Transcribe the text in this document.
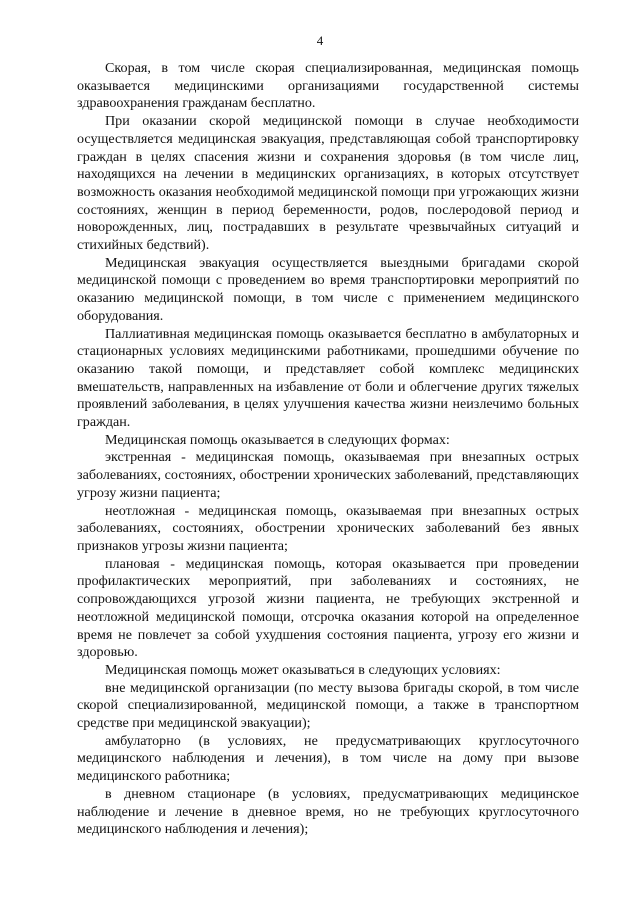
4

Скорая, в том числе скорая специализированная, медицинская помощь оказывается медицинскими организациями государственной системы здравоохранения гражданам бесплатно.

При оказании скорой медицинской помощи в случае необходимости осуществляется медицинская эвакуация, представляющая собой транспортировку граждан в целях спасения жизни и сохранения здоровья (в том числе лиц, находящихся на лечении в медицинских организациях, в которых отсутствует возможность оказания необходимой медицинской помощи при угрожающих жизни состояниях, женщин в период беременности, родов, послеродовой период и новорожденных, лиц, пострадавших в результате чрезвычайных ситуаций и стихийных бедствий).

Медицинская эвакуация осуществляется выездными бригадами скорой медицинской помощи с проведением во время транспортировки мероприятий по оказанию медицинской помощи, в том числе с применением медицинского оборудования.

Паллиативная медицинская помощь оказывается бесплатно в амбулаторных и стационарных условиях медицинскими работниками, прошедшими обучение по оказанию такой помощи, и представляет собой комплекс медицинских вмешательств, направленных на избавление от боли и облегчение других тяжелых проявлений заболевания, в целях улучшения качества жизни неизлечимо больных граждан.

Медицинская помощь оказывается в следующих формах:

экстренная - медицинская помощь, оказываемая при внезапных острых заболеваниях, состояниях, обострении хронических заболеваний, представляющих угрозу жизни пациента;

неотложная - медицинская помощь, оказываемая при внезапных острых заболеваниях, состояниях, обострении хронических заболеваний без явных признаков угрозы жизни пациента;

плановая - медицинская помощь, которая оказывается при проведении профилактических мероприятий, при заболеваниях и состояниях, не сопровождающихся угрозой жизни пациента, не требующих экстренной и неотложной медицинской помощи, отсрочка оказания которой на определенное время не повлечет за собой ухудшения состояния пациента, угрозу его жизни и здоровью.

Медицинская помощь может оказываться в следующих условиях:

вне медицинской организации (по месту вызова бригады скорой, в том числе скорой специализированной, медицинской помощи, а также в транспортном средстве при медицинской эвакуации);

амбулаторно (в условиях, не предусматривающих круглосуточного медицинского наблюдения и лечения), в том числе на дому при вызове медицинского работника;

в дневном стационаре (в условиях, предусматривающих медицинское наблюдение и лечение в дневное время, но не требующих круглосуточного медицинского наблюдения и лечения);
